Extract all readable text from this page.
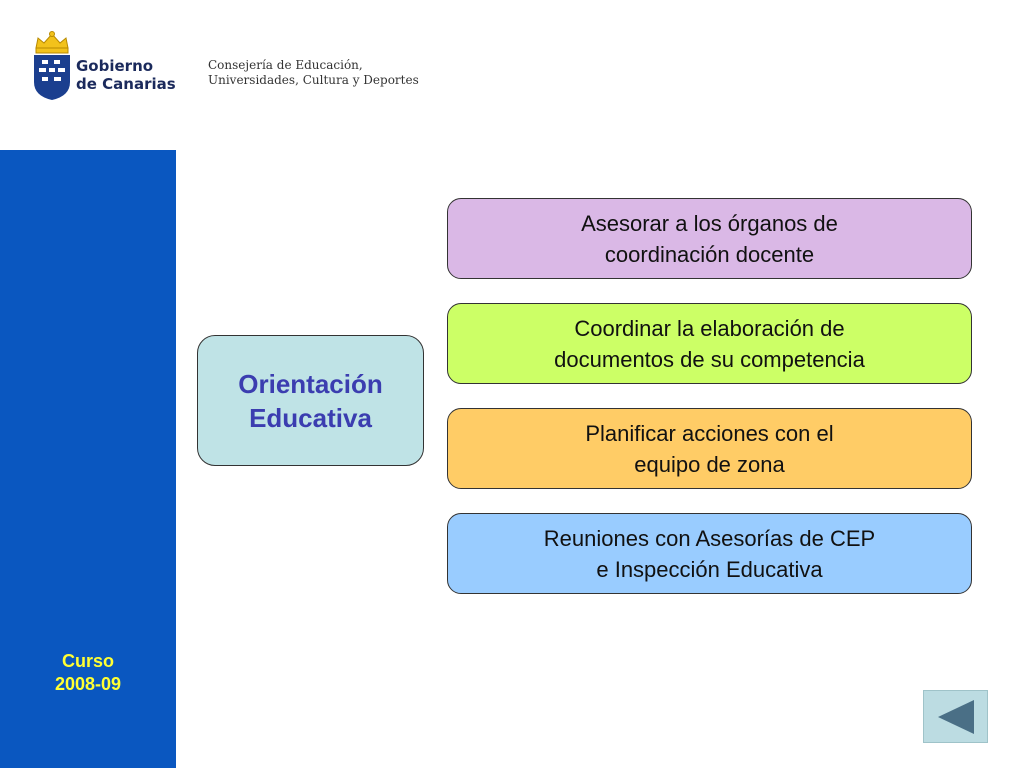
Gobierno
de Canarias
Consejería de Educación,
Universidades, Cultura y Deportes
Curso
2008-09
Orientación
Educativa
Asesorar a los órganos de
coordinación docente
Coordinar la elaboración de
documentos de su competencia
Planificar acciones con el
equipo de zona
Reuniones con Asesorías de CEP
e Inspección Educativa
